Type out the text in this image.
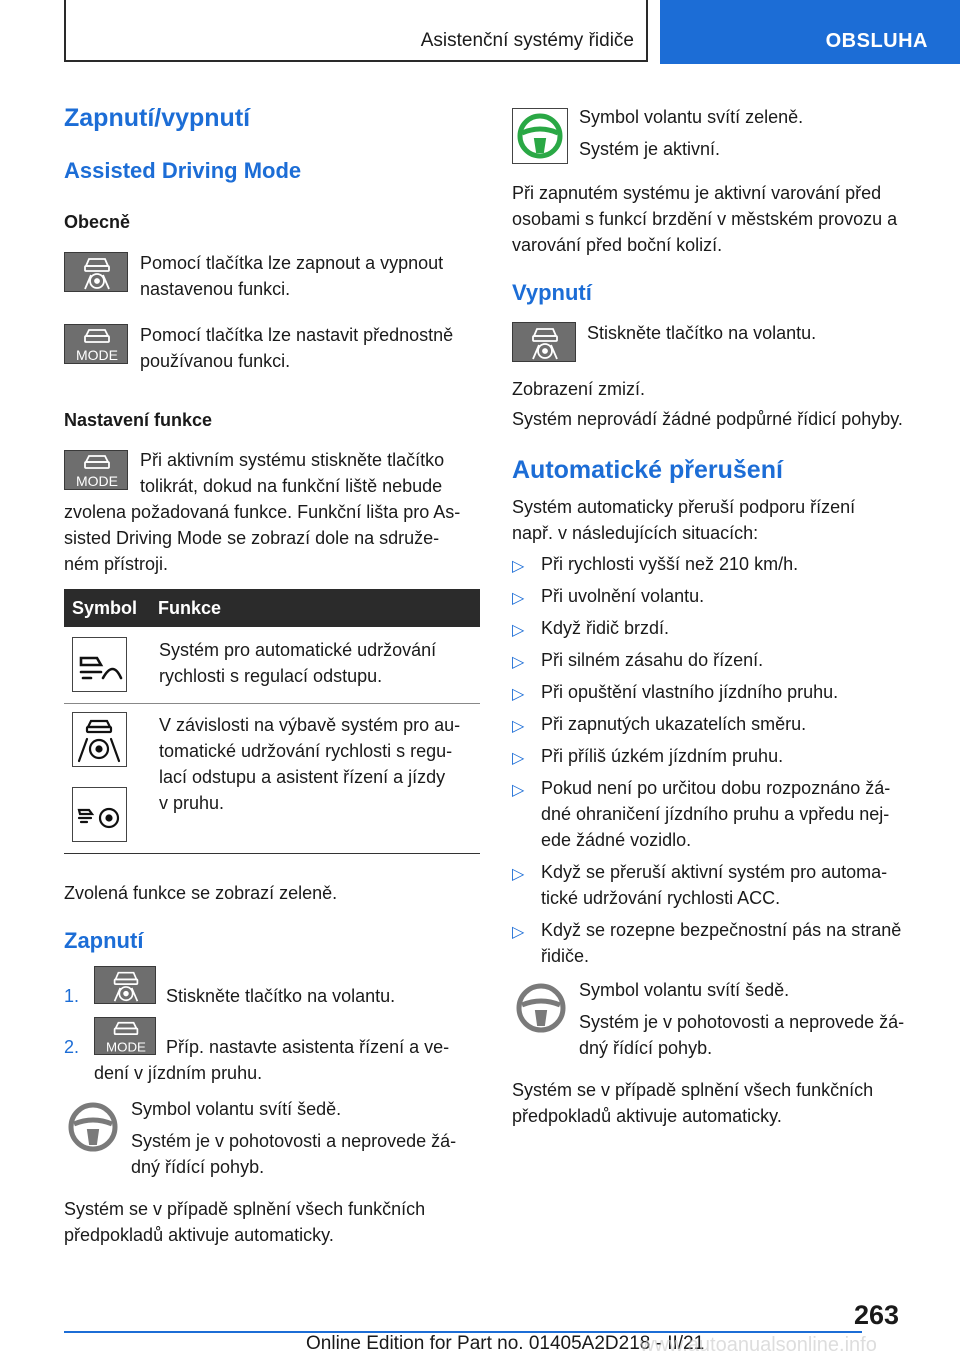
Asistenční systémy řidiče	OBSLUHA
Zapnutí/vypnutí
Assisted Driving Mode
Obecně
Pomocí tlačítka lze zapnout a vypnout
nastavenou funkci.
MODE
Pomocí tlačítka lze nastavit přednostně
používanou funkci.
Nastavení funkce
MODE
Při aktivním systému stiskněte tlačítko
tolikrát, dokud na funkční liště nebude
zvolena požadovaná funkce. Funkční lišta pro As-
sisted Driving Mode se zobrazí dole na sdruže-
ném přístroji.
Symbol Funkce
Systém pro automatické udržování
rychlosti s regulací odstupu.
V závislosti na výbavě systém pro au-
tomatické udržování rychlosti s regu-
lací odstupu a asistent řízení a jízdy
v pruhu.
Zvolená funkce se zobrazí zeleně.
Zapnutí
1.	Stiskněte tlačítko na volantu.
2. MODE Příp. nastavte asistenta řízení a ve-
dení v jízdním pruhu.
Symbol volantu svítí šedě.
Systém je v pohotovosti a neprovede žá-
dný řídící pohyb.
Systém se v případě splnění všech funkčních
předpokladů aktivuje automaticky.
Symbol volantu svítí zeleně.
Systém je aktivní.
Při zapnutém systému je aktivní varování před
osobami s funkcí brzdění v městském provozu a
varování před boční kolizí.
Vypnutí
Stiskněte tlačítko na volantu.
Zobrazení zmizí.
Systém neprovádí žádné podpůrné řídicí pohyby.
Automatické přerušení
Systém automaticky přeruší podporu řízení
např. v následujících situacích:
▷ Při rychlosti vyšší než 210 km/h.
▷ Při uvolnění volantu.
▷ Když řidič brzdí.
▷ Při silném zásahu do řízení.
▷ Při opuštění vlastního jízdního pruhu.
▷ Při zapnutých ukazatelích směru.
▷ Při příliš úzkém jízdním pruhu.
▷ Pokud není po určitou dobu rozpoznáno žá-
dné ohraničení jízdního pruhu a vpředu nej-
ede žádné vozidlo.
▷ Když se přeruší aktivní systém pro automa-
tické udržování rychlosti ACC.
▷ Když se rozepne bezpečnostní pás na straně
řidiče.
Symbol volantu svítí šedě.
Systém je v pohotovosti a neprovede žá-
dný řídící pohyb.
Systém se v případě splnění všech funkčních
předpokladů aktivuje automaticky.
263
Online Edition for Part no. 01405A2D218 - II/21
www.autoanualsonline.info
